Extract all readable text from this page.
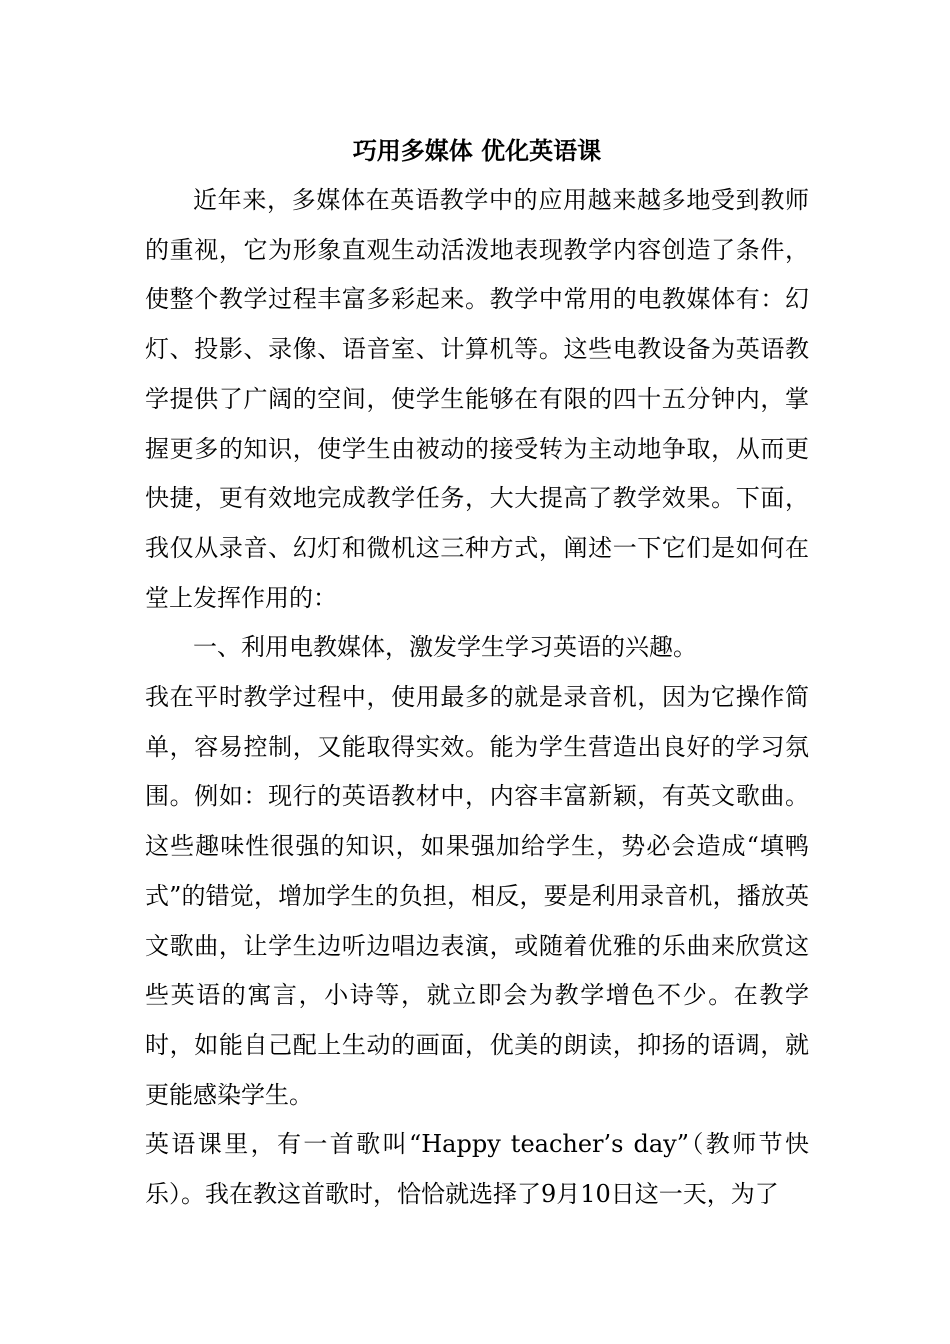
巧用多媒体 优化英语课

近年来，多媒体在英语教学中的应用越来越多地受到教师的重视，它为形象直观生动活泼地表现教学内容创造了条件，使整个教学过程丰富多彩起来。教学中常用的电教媒体有：幻灯、投影、录像、语音室、计算机等。这些电教设备为英语教学提供了广阔的空间，使学生能够在有限的四十五分钟内，掌握更多的知识，使学生由被动的接受转为主动地争取，从而更快捷，更有效地完成教学任务，大大提高了教学效果。下面，我仅从录音、幻灯和微机这三种方式，阐述一下它们是如何在堂上发挥作用的：

一、利用电教媒体，激发学生学习英语的兴趣。

我在平时教学过程中，使用最多的就是录音机，因为它操作简单，容易控制，又能取得实效。能为学生营造出良好的学习氛围。例如：现行的英语教材中，内容丰富新颖，有英文歌曲。这些趣味性很强的知识，如果强加给学生，势必会造成“填鸭式”的错觉，增加学生的负担，相反，要是利用录音机，播放英文歌曲，让学生边听边唱边表演，或随着优雅的乐曲来欣赏这些英语的寓言，小诗等，就立即会为教学增色不少。在教学时，如能自己配上生动的画面，优美的朗读，抑扬的语调，就更能感染学生。

英语课里，有一首歌叫“Happy teacher’s day”（教师节快乐）。我在教这首歌时，恰恰就选择了9月10日这一天，为了
